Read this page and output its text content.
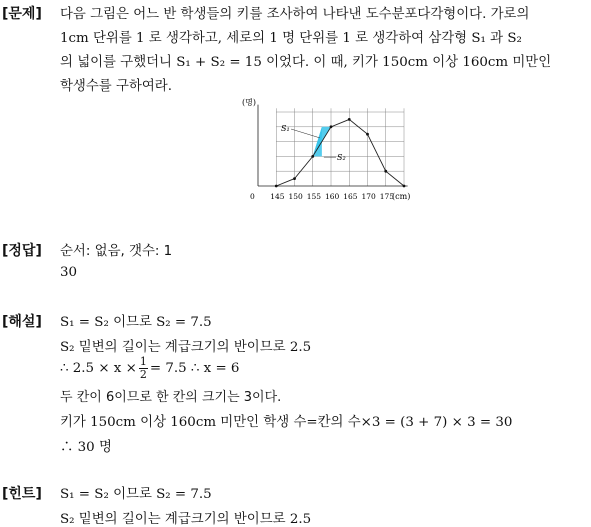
[문제] 다음 그림은 어느 반 학생들의 키를 조사하여 나타낸 도수분포다각형이다. 가로의
1cm 단위를 1 로 생각하고, 세로의 1 명 단위를 1 로 생각하여 삼각형 S₁ 과 S₂
의 넓이를 구했더니 S₁ + S₂ = 15 이었다. 이 때, 키가 150cm 이상 160cm 미만인
학생수를 구하여라.
0 145 150 155 160 165 170 175
S₁
S₂
(명)
(cm)
[정답] 순서: 없음, 갯수: 1
30
[해설] S₁ = S₂ 이므로 S₂ = 7.5
S₂ 밑변의 길이는 계급크기의 반이므로 2.5
∴ $2.5 \times x \times \frac{1}{2} = 7.5$ ∴ x = 6
두 칸이 6이므로 한 칸의 크기는 3이다.
키가 150cm 이상 160cm 미만인 학생 수=칸의 수×3 = (3 + 7) × 3 = 30
∴ 30 명
[힌트] S₁ = S₂ 이므로 S₂ = 7.5
S₂ 밑변의 길이는 계급크기의 반이므로 2.5
